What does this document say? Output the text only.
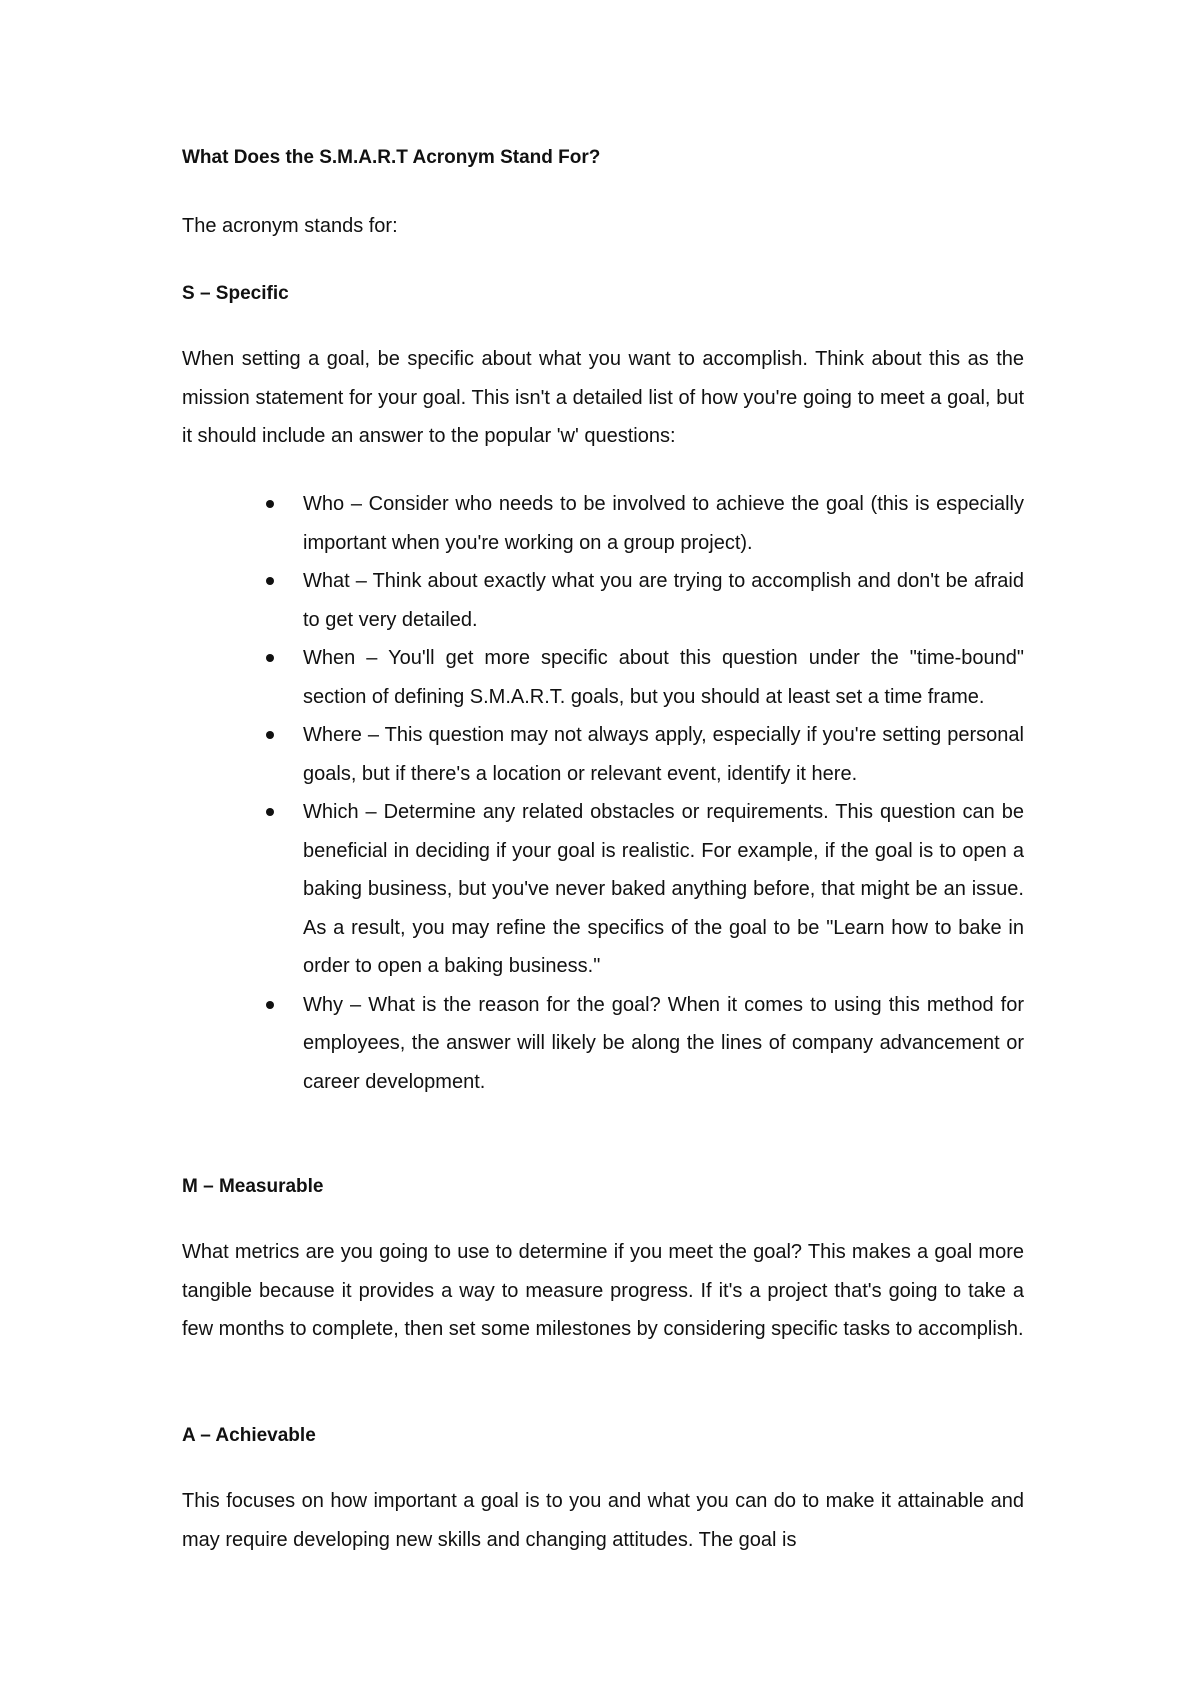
What Does the S.M.A.R.T Acronym Stand For?

The acronym stands for:

S – Specific

When setting a goal, be specific about what you want to accomplish. Think about this as the mission statement for your goal. This isn't a detailed list of how you're going to meet a goal, but it should include an answer to the popular 'w' questions:

Who – Consider who needs to be involved to achieve the goal (this is especially important when you're working on a group project).
What – Think about exactly what you are trying to accomplish and don't be afraid to get very detailed.
When – You'll get more specific about this question under the "time-bound" section of defining S.M.A.R.T. goals, but you should at least set a time frame.
Where – This question may not always apply, especially if you're setting personal goals, but if there's a location or relevant event, identify it here.
Which – Determine any related obstacles or requirements. This question can be beneficial in deciding if your goal is realistic. For example, if the goal is to open a baking business, but you've never baked anything before, that might be an issue. As a result, you may refine the specifics of the goal to be "Learn how to bake in order to open a baking business."
Why – What is the reason for the goal? When it comes to using this method for employees, the answer will likely be along the lines of company advancement or career development.
M – Measurable

What metrics are you going to use to determine if you meet the goal? This makes a goal more tangible because it provides a way to measure progress. If it's a project that's going to take a few months to complete, then set some milestones by considering specific tasks to accomplish.

A – Achievable

This focuses on how important a goal is to you and what you can do to make it attainable and may require developing new skills and changing attitudes. The goal is
